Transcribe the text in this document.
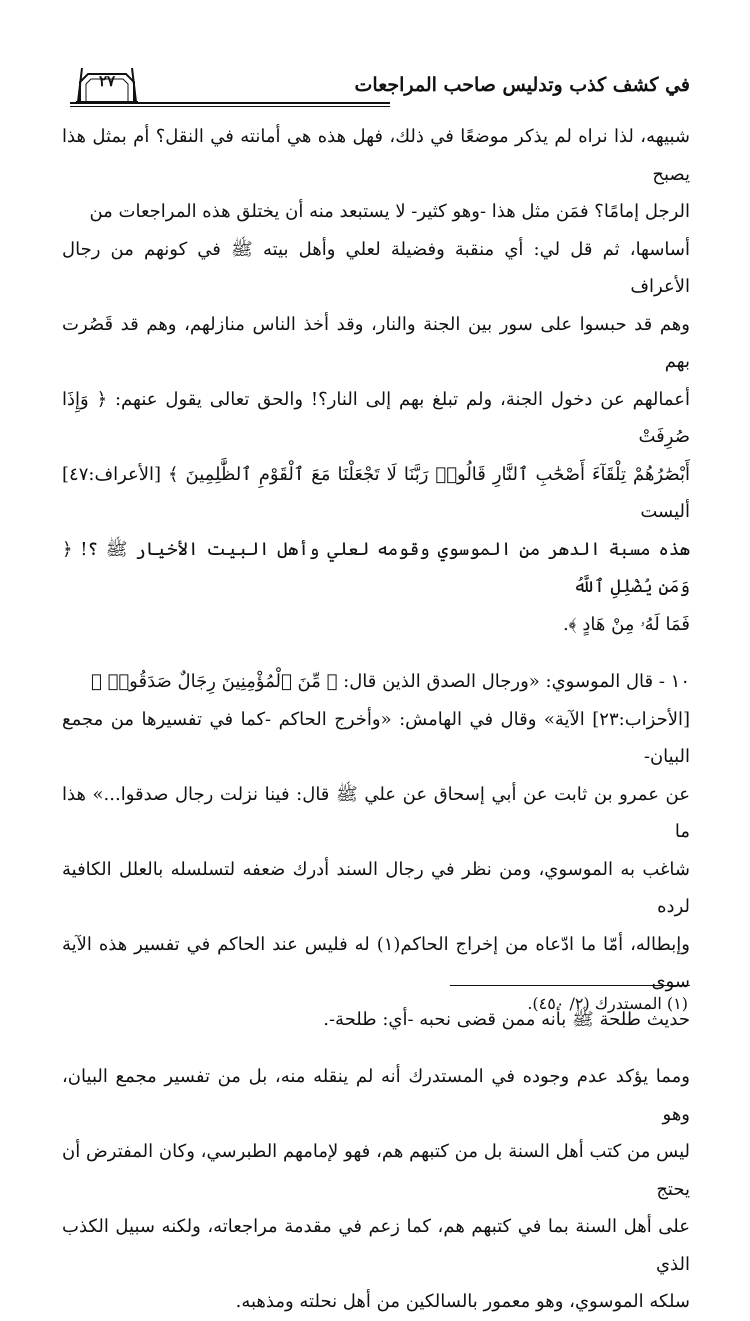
في كشف كذب وتدليس صاحب المراجعات
٢٧
شبيهه، لذا نراه لم يذكر موضعًا في ذلك، فهل هذه هي أمانته في النقل؟ أم بمثل هذا يصبح
الرجل إمامًا؟ فمَن مثل هذا -وهو كثير- لا يستبعد منه أن يختلق هذه المراجعات من
أساسها، ثم قل لي: أي منقبة وفضيلة لعلي وأهل بيته ﷺ في كونهم من رجال الأعراف
وهم قد حبسوا على سور بين الجنة والنار، وقد أخذ الناس منازلهم، وهم قد قَصُرت بهم
أعمالهم عن دخول الجنة، ولم تبلغ بهم إلى النار؟! والحق تعالى يقول عنهم: ﴿ وَإِذَا صُرِفَتْ
أَبْصَٰرُهُمْ تِلْقَآءَ أَصْحَٰبِ ٱلنَّارِ قَالُوا۟ رَبَّنَا لَا تَجْعَلْنَا مَعَ ٱلْقَوْمِ ٱلظَّٰلِمِينَ ﴾ [الأعراف:٤٧] أليست
هذه مسبة الدهر من الموسوي وقومه لعلي وأهل البيت الأخيار ﷺ ؟! ﴿ وَمَن يُضْلِلِ ٱللَّهُ
فَمَا لَهُۥ مِنْ هَادٍ ﴾.
١٠ - قال الموسوي: «ورجال الصدق الذين قال: ﴿ مِّنَ ٱلْمُؤْمِنِينَ رِجَالٌ صَدَقُوا۟ ﴾
[الأحزاب:٢٣] الآية» وقال في الهامش: «وأخرج الحاكم -كما في تفسيرها من مجمع البيان-
عن عمرو بن ثابت عن أبي إسحاق عن علي ﷺ قال: فينا نزلت رجال صدقوا...» هذا ما
شاغب به الموسوي، ومن نظر في رجال السند أدرك ضعفه لتسلسله بالعلل الكافية لرده
وإبطاله، أمّا ما ادّعاه من إخراج الحاكم(١) له فليس عند الحاكم في تفسير هذه الآية سوى
حديث طلحة ﷺ بأنه ممن قضى نحبه -أي: طلحة-.
ومما يؤكد عدم وجوده في المستدرك أنه لم ينقله منه، بل من تفسير مجمع البيان، وهو
ليس من كتب أهل السنة بل من كتبهم هم، فهو لإمامهم الطبرسي، وكان المفترض أن يحتج
على أهل السنة بما في كتبهم هم، كما زعم في مقدمة مراجعاته، ولكنه سبيل الكذب الذي
سلكه الموسوي، وهو معمور بالسالكين من أهل نحلته ومذهبه.
(١) المستدرك (٢/ ٤٥٠).
